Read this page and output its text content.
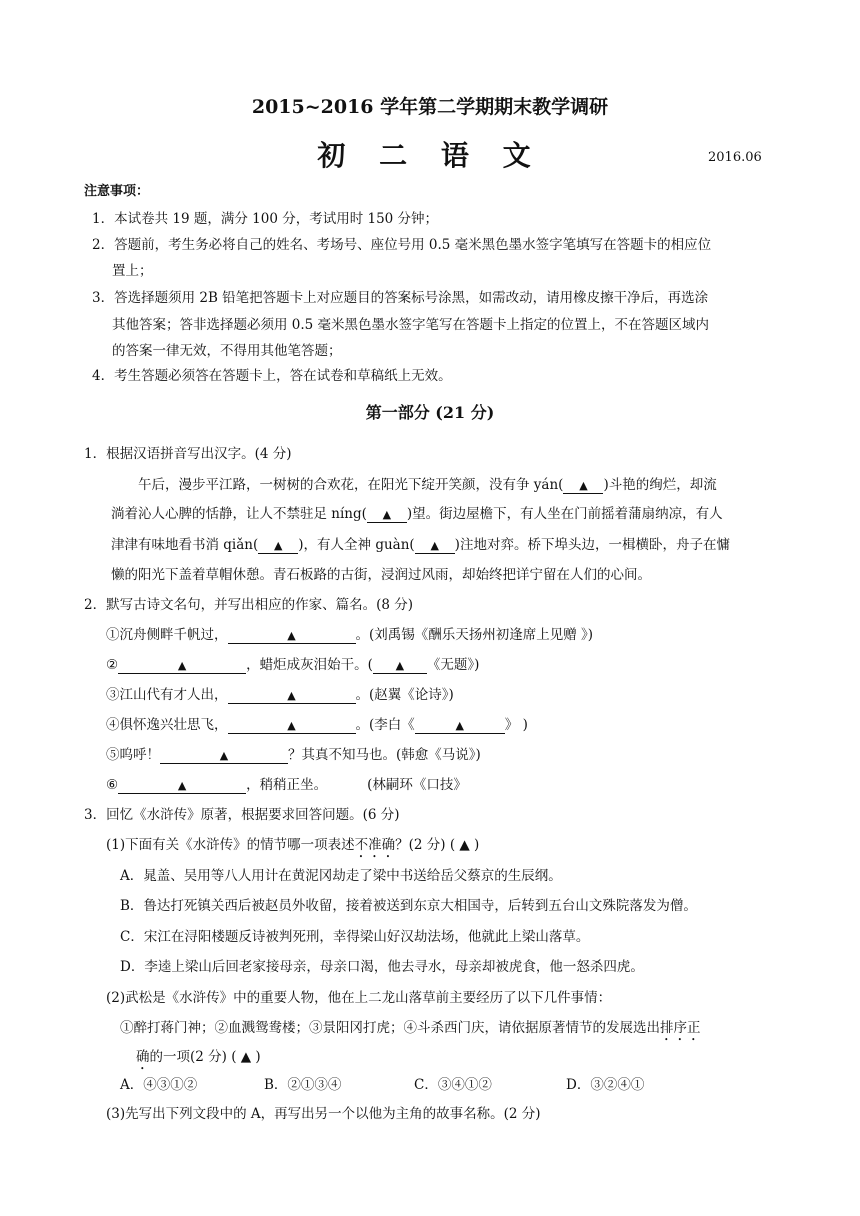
2015~2016 学年第二学期期末教学调研
初 二 语 文	2016.06
注意事项：
1．本试卷共 19 题，满分 100 分，考试用时 150 分钟；
2．答题前，考生务必将自己的姓名、考场号、座位号用 0.5 毫米黑色墨水签字笔填写在答题卡的相应位
置上；
3．答选择题须用 2B 铅笔把答题卡上对应题目的答案标号涂黑，如需改动，请用橡皮擦干净后，再选涂
其他答案；答非选择题必须用 0.5 毫米黑色墨水签字笔写在答题卡上指定的位置上，不在答题区域内
的答案一律无效，不得用其他笔答题；
4．考生答题必须答在答题卡上，答在试卷和草稿纸上无效。
第一部分 (21 分)
1．根据汉语拼音写出汉字。(4 分)
午后，漫步平江路，一树树的合欢花，在阳光下绽开笑颜，没有争 yán( ▲ )斗艳的绚烂，却流
淌着沁人心脾的恬静，让人不禁驻足 níng( ▲ )望。街边屋檐下，有人坐在门前摇着蒲扇纳凉，有人
津津有味地看书消 qiǎn( ▲ )，有人全神 guàn( ▲ )注地对弈。桥下埠头边，一楫横卧，舟子在慵
懒的阳光下盖着草帽休憩。青石板路的古街，浸润过风雨，却始终把详宁留在人们的心间。
2．默写古诗文名句，并写出相应的作家、篇名。(8 分)
①沉舟侧畔千帆过，	▲	。(刘禹锡《酬乐天扬州初逢席上见赠 》)
②	▲	，蜡炬成灰泪始干。( ▲ 《无题》)
③江山代有才人出，	▲	。(赵翼《论诗》)
④俱怀逸兴壮思飞，	▲	。(李白《	▲	》 )
⑤呜呼！	▲	？其真不知马也。(韩愈《马说》)
⑥	▲	，稍稍正坐。	(林嗣环《口技》
3．回忆《水浒传》原著，根据要求回答问题。(6 分)
(1)下面有关《水浒传》的情节哪一项表述不准确？(2 分) ( ▲ )
A．晁盖、吴用等八人用计在黄泥冈劫走了梁中书送给岳父蔡京的生辰纲。
B．鲁达打死镇关西后被赵员外收留，接着被送到东京大相国寺，后转到五台山文殊院落发为僧。
C．宋江在浔阳楼题反诗被判死刑，幸得梁山好汉劫法场，他就此上梁山落草。
D．李逵上梁山后回老家接母亲，母亲口渴，他去寻水，母亲却被虎食，他一怒杀四虎。
(2)武松是《水浒传》中的重要人物，他在上二龙山落草前主要经历了以下几件事情：
①醉打蒋门神；②血溅鸳鸯楼；③景阳冈打虎；④斗杀西门庆，请依据原著情节的发展选出排序正
确的一项(2 分) ( ▲ )
A．④③①②	B．②①③④	C．③④①②	D．③②④①
(3)先写出下列文段中的 A，再写出另一个以他为主角的故事名称。(2 分)
